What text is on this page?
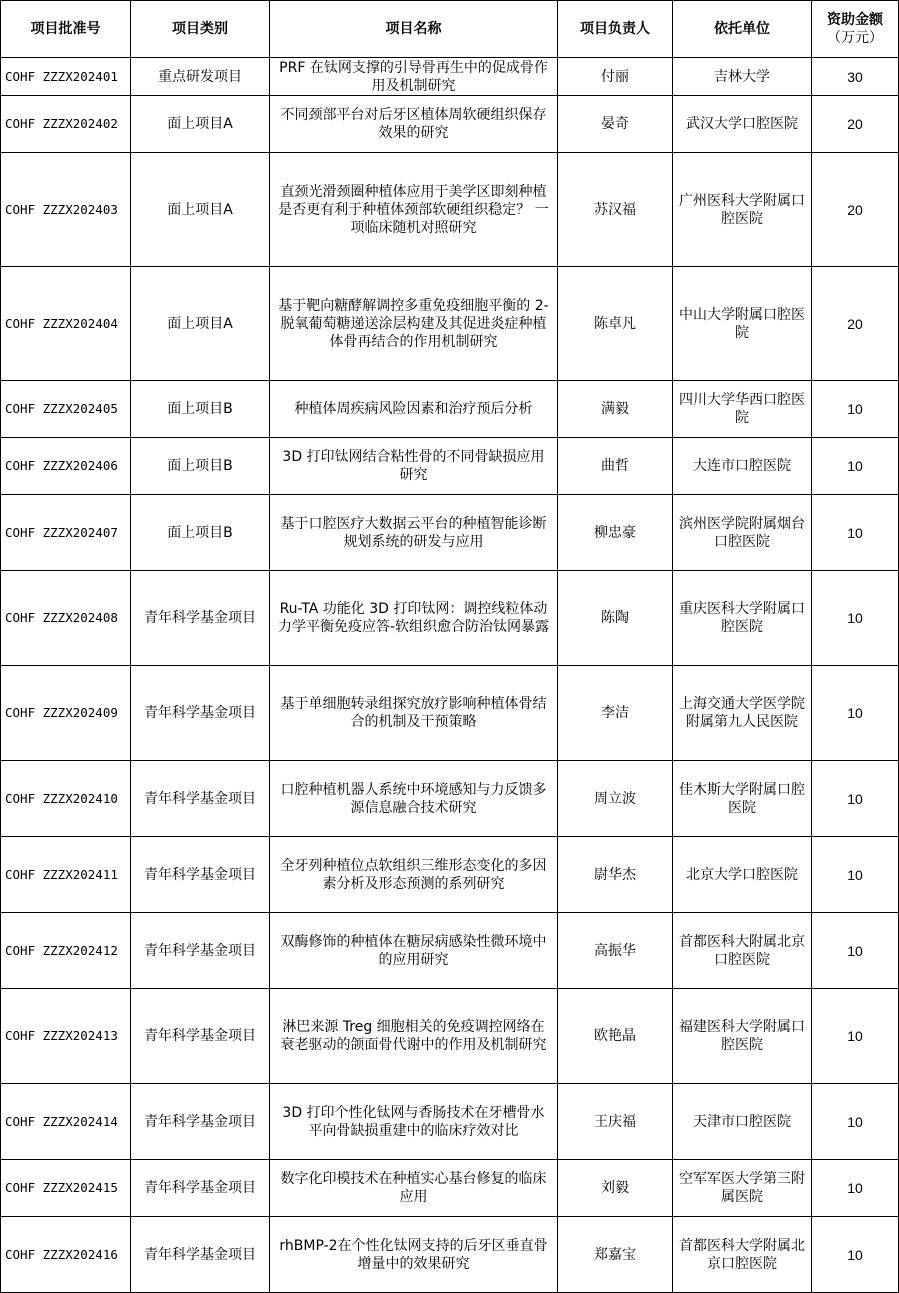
项目批准号	项目类别	项目名称	项目负责人	依托单位	资助金额
（万元）

COHF ZZZX202401	重点研发项目	PRF 在钛网支撑的引导骨再生中的促成骨作用及机制研究	付丽	吉林大学	30
COHF ZZZX202402	面上项目A	不同颈部平台对后牙区植体周软硬组织保存效果的研究	晏奇	武汉大学口腔医院	20
COHF ZZZX202403	面上项目A	直颈光滑颈圈种植体应用于美学区即刻种植是否更有利于种植体颈部软硬组织稳定？ 一项临床随机对照研究	苏汉福	广州医科大学附属口腔医院	20
COHF ZZZX202404	面上项目A	基于靶向糖酵解调控多重免疫细胞平衡的 2-脱氧葡萄糖递送涂层构建及其促进炎症种植体骨再结合的作用机制研究	陈卓凡	中山大学附属口腔医院	20
COHF ZZZX202405	面上项目B	种植体周疾病风险因素和治疗预后分析	满毅	四川大学华西口腔医院	10
COHF ZZZX202406	面上项目B	3D 打印钛网结合粘性骨的不同骨缺损应用研究	曲哲	大连市口腔医院	10
COHF ZZZX202407	面上项目B	基于口腔医疗大数据云平台的种植智能诊断规划系统的研发与应用	柳忠豪	滨州医学院附属烟台口腔医院	10
COHF ZZZX202408	青年科学基金项目	Ru-TA 功能化 3D 打印钛网：调控线粒体动力学平衡免疫应答-软组织愈合防治钛网暴露	陈陶	重庆医科大学附属口腔医院	10
COHF ZZZX202409	青年科学基金项目	基于单细胞转录组探究放疗影响种植体骨结合的机制及干预策略	李洁	上海交通大学医学院附属第九人民医院	10
COHF ZZZX202410	青年科学基金项目	口腔种植机器人系统中环境感知与力反馈多源信息融合技术研究	周立波	佳木斯大学附属口腔医院	10
COHF ZZZX202411	青年科学基金项目	全牙列种植位点软组织三维形态变化的多因素分析及形态预测的系列研究	尉华杰	北京大学口腔医院	10
COHF ZZZX202412	青年科学基金项目	双酶修饰的种植体在糖尿病感染性微环境中的应用研究	高振华	首都医科大附属北京口腔医院	10
COHF ZZZX202413	青年科学基金项目	淋巴来源 Treg 细胞相关的免疫调控网络在衰老驱动的颌面骨代谢中的作用及机制研究	欧艳晶	福建医科大学附属口腔医院	10
COHF ZZZX202414	青年科学基金项目	3D 打印个性化钛网与香肠技术在牙槽骨水平向骨缺损重建中的临床疗效对比	王庆福	天津市口腔医院	10
COHF ZZZX202415	青年科学基金项目	数字化印模技术在种植实心基台修复的临床应用	刘毅	空军军医大学第三附属医院	10
COHF ZZZX202416	青年科学基金项目	rhBMP-2在个性化钛网支持的后牙区垂直骨增量中的效果研究	郑嘉宝	首都医科大学附属北京口腔医院	10
